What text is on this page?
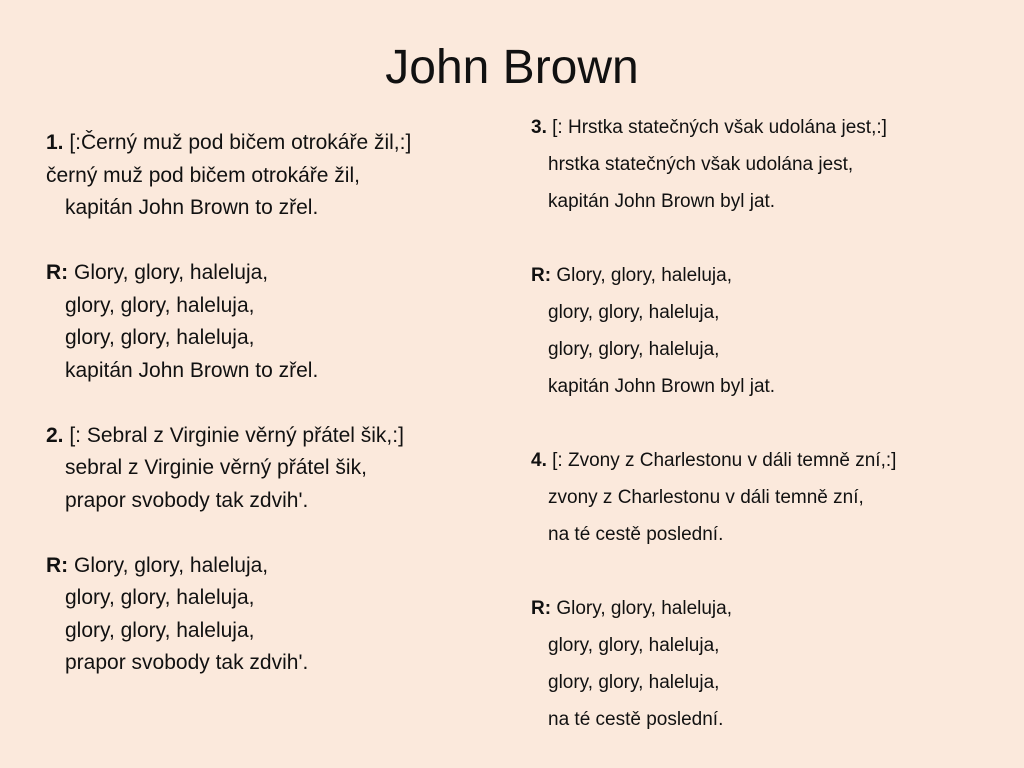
John Brown
1. [:Černý muž pod bičem otrokáře žil,:]
černý muž pod bičem otrokáře žil,
kapitán John Brown to zřel.
R: Glory, glory, haleluja,
glory, glory, haleluja,
glory, glory, haleluja,
kapitán John Brown to zřel.
2. [: Sebral z Virginie věrný přátel šik,:]
sebral z Virginie věrný přátel šik,
prapor svobody tak zdvih'.
R: Glory, glory, haleluja,
glory, glory, haleluja,
glory, glory, haleluja,
prapor svobody tak zdvih'.
3. [: Hrstka statečných však udolána jest,:]
hrstka statečných však udolána jest,
kapitán John Brown byl jat.
R: Glory, glory, haleluja,
glory, glory, haleluja,
glory, glory, haleluja,
kapitán John Brown byl jat.
4. [: Zvony z Charlestonu v dáli temně zní,:]
zvony z Charlestonu v dáli temně zní,
na té cestě poslední.
R: Glory, glory, haleluja,
glory, glory, haleluja,
glory, glory, haleluja,
na té cestě poslední.
